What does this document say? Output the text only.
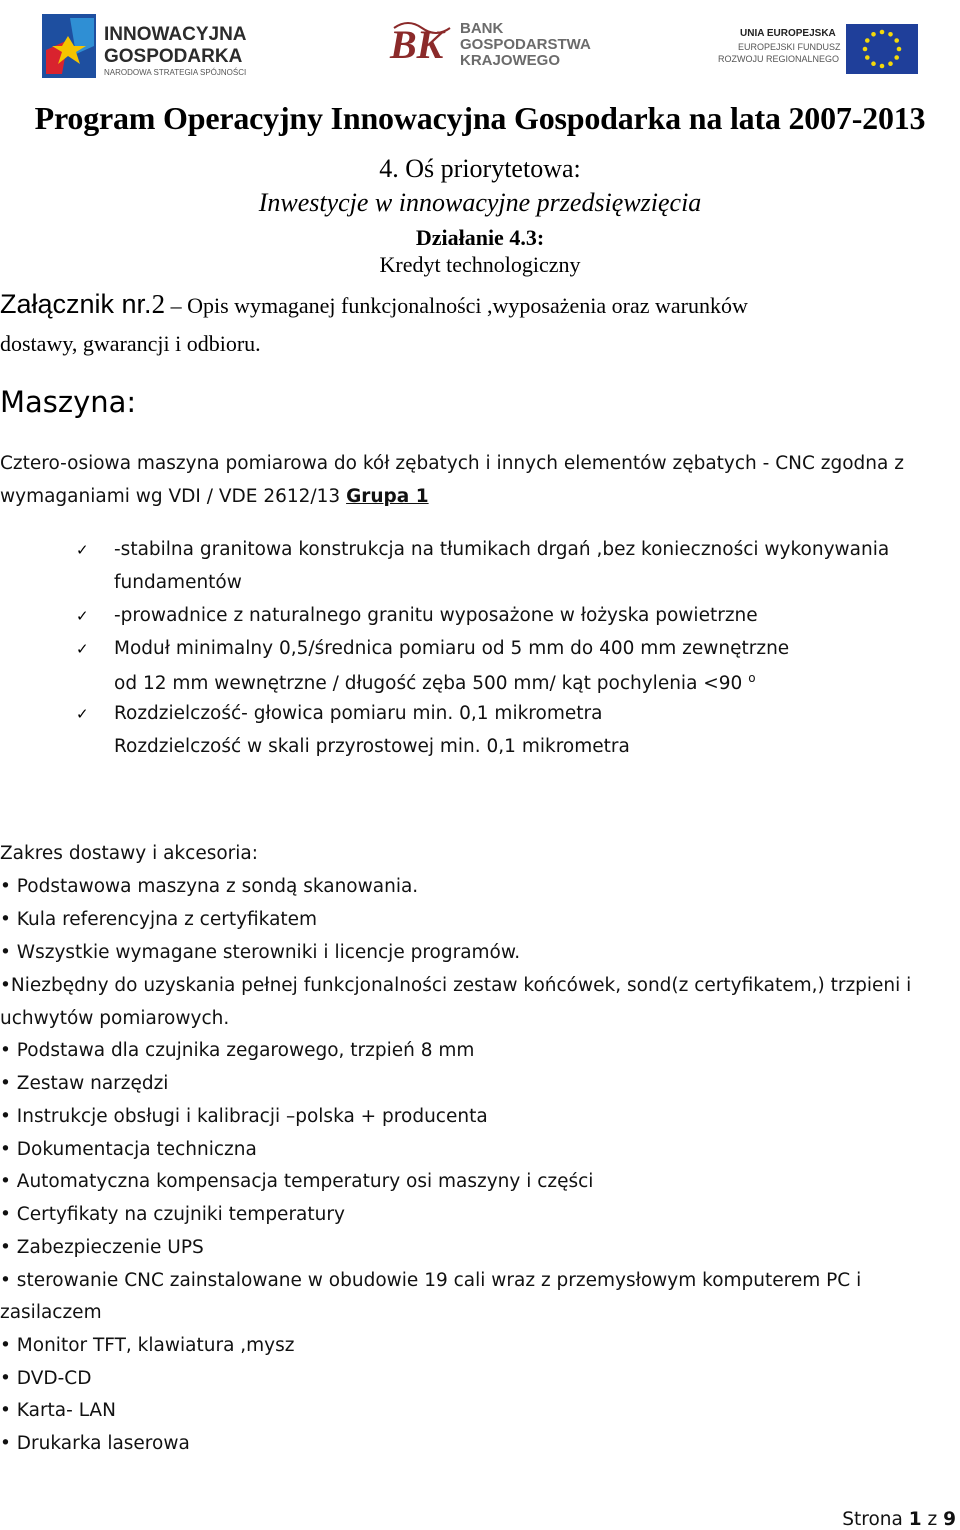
INNOWACYJNA
GOSPODARKA
NARODOWA STRATEGIA SPÓJNOŚCI
BK BANK
GOSPODARSTWA
KRAJOWEGO
UNIA EUROPEJSKA
EUROPEJSKI FUNDUSZ
ROZWOJU REGIONALNEGO
Program Operacyjny Innowacyjna Gospodarka na lata 2007-2013
4. Oś priorytetowa:
Inwestycje w innowacyjne przedsięwzięcia
Działanie 4.3:
Kredyt technologiczny
Załącznik nr.2 – Opis wymaganej funkcjonalności ,wyposażenia oraz warunków
dostawy, gwarancji i odbioru.
Maszyna:
Cztero-osiowa maszyna pomiarowa do kół zębatych i innych elementów zębatych - CNC zgodna z
wymaganiami wg VDI / VDE 2612/13 Grupa 1
✓ -stabilna granitowa konstrukcja na tłumikach drgań ,bez konieczności wykonywania
fundamentów
✓ -prowadnice z naturalnego granitu wyposażone w łożyska powietrzne
✓ Moduł minimalny 0,5/średnica pomiaru od 5 mm do 400 mm zewnętrzne
od 12 mm wewnętrzne / długość zęba 500 mm/ kąt pochylenia <90 $^o$
✓ Rozdzielczość- głowica pomiaru min. 0,1 mikrometra
Rozdzielczość w skali przyrostowej min. 0,1 mikrometra
Zakres dostawy i akcesoria:
• Podstawowa maszyna z sondą skanowania.
• Kula referencyjna z certyfikatem
• Wszystkie wymagane sterowniki i licencje programów.
•Niezbędny do uzyskania pełnej funkcjonalności zestaw końcówek, sond(z certyfikatem,) trzpieni i
uchwytów pomiarowych.
• Podstawa dla czujnika zegarowego, trzpień 8 mm
• Zestaw narzędzi
• Instrukcje obsługi i kalibracji –polska + producenta
• Dokumentacja techniczna
• Automatyczna kompensacja temperatury osi maszyny i części
• Certyfikaty na czujniki temperatury
• Zabezpieczenie UPS
• sterowanie CNC zainstalowane w obudowie 19 cali wraz z przemysłowym komputerem PC i
zasilaczem
• Monitor TFT, klawiatura ,mysz
• DVD-CD
• Karta- LAN
• Drukarka laserowa
Strona 1 z 9
